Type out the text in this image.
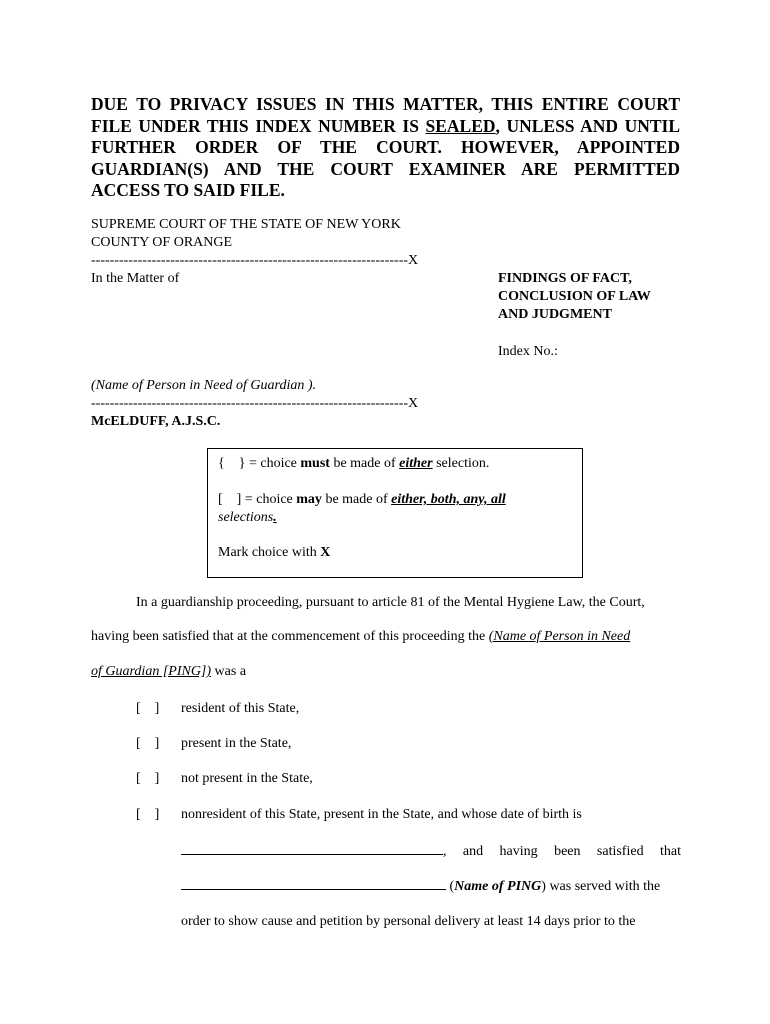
DUE TO PRIVACY ISSUES IN THIS MATTER, THIS ENTIRE COURT FILE UNDER THIS INDEX NUMBER IS SEALED, UNLESS AND UNTIL FURTHER ORDER OF THE COURT. HOWEVER, APPOINTED GUARDIAN(S) AND THE COURT EXAMINER ARE PERMITTED ACCESS TO SAID FILE.
SUPREME COURT OF THE STATE OF NEW YORK
COUNTY OF ORANGE
--------------------------------------------------------------------X
In the Matter of	FINDINGS OF FACT,
CONCLUSION OF LAW
AND JUDGMENT
Index No.:
(Name of Person in Need of Guardian ).
--------------------------------------------------------------------X
McELDUFF, A.J.S.C.
{    } = choice must be made of either selection.
[    ] = choice may be made of either, both, any, all
selections.
Mark choice with X
In a guardianship proceeding, pursuant to article 81 of the Mental Hygiene Law, the Court,
having been satisfied that at the commencement of this proceeding the (Name of Person in Need
of Guardian [PING]) was a
[    ] resident of this State,
[    ] present in the State,
[    ] not present in the State,
[    ] nonresident of this State, present in the State, and whose date of birth is
, and having been satisfied that
( Name of PING ) was served with the
order to show cause and petition by personal delivery at least 14 days prior to the
